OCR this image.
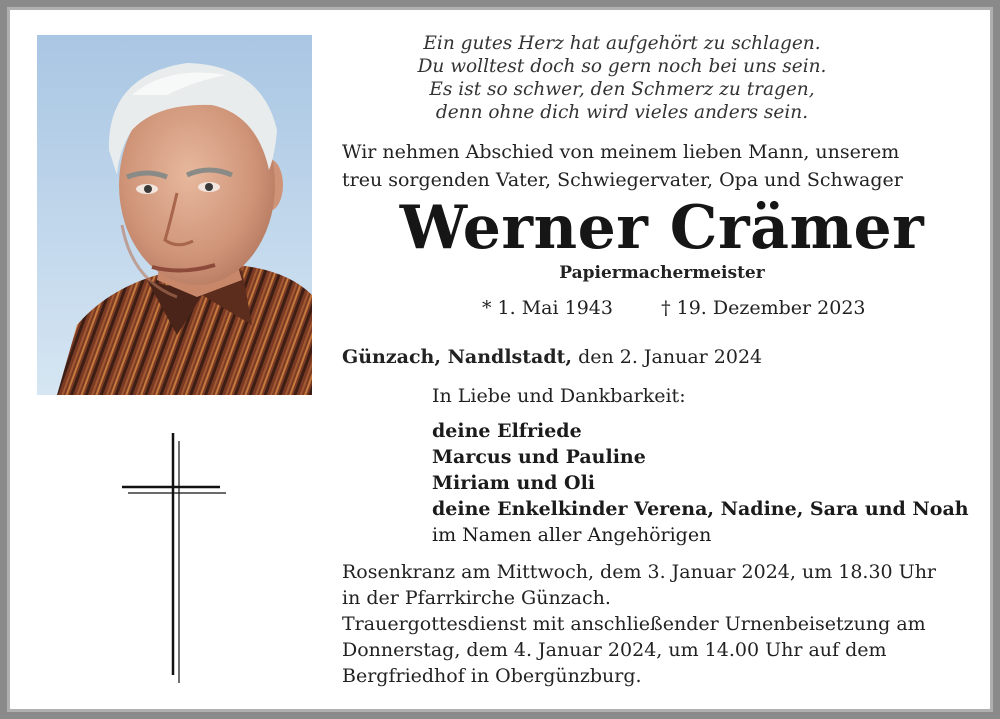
Ein gutes Herz hat aufgehört zu schlagen.
Du wolltest doch so gern noch bei uns sein.
Es ist so schwer, den Schmerz zu tragen,
denn ohne dich wird vieles anders sein.
Wir nehmen Abschied von meinem lieben Mann, unserem
treu sorgenden Vater, Schwiegervater, Opa und Schwager
Werner Crämer
Papiermachermeister
* 1. Mai 1943	† 19. Dezember 2023
Günzach, Nandlstadt, den 2. Januar 2024
In Liebe und Dankbarkeit:
deine Elfriede
Marcus und Pauline
Miriam und Oli
deine Enkelkinder Verena, Nadine, Sara und Noah
im Namen aller Angehörigen
Rosenkranz am Mittwoch, dem 3. Januar 2024, um 18.30 Uhr
in der Pfarrkirche Günzach.
Trauergottesdienst mit anschließender Urnenbeisetzung am
Donnerstag, dem 4. Januar 2024, um 14.00 Uhr auf dem
Bergfriedhof in Obergünzburg.
